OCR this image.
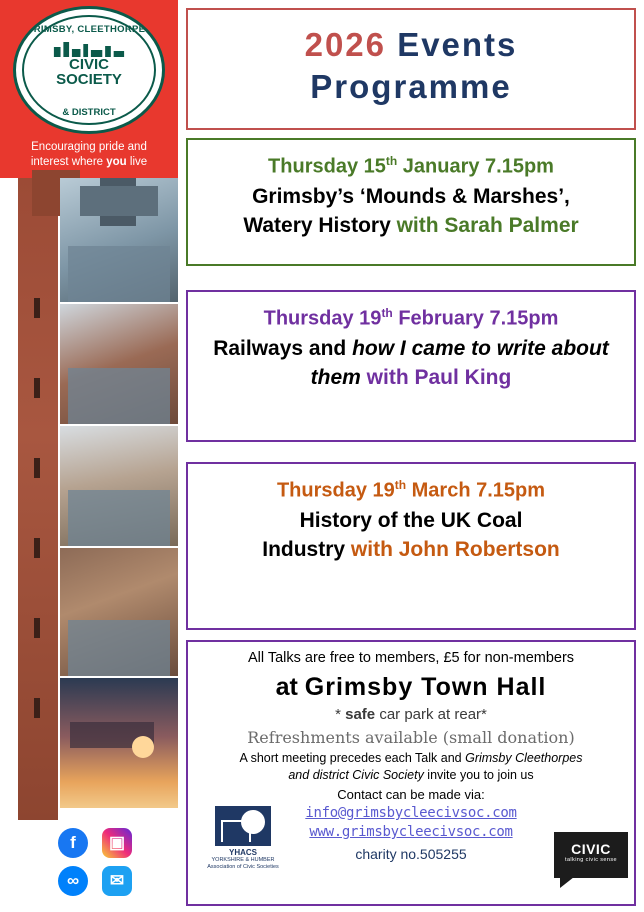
GRIMSBY, CLEETHORPES
CIVIC
SOCIETY
& DISTRICT
Encouraging pride and
interest where you live
f	▣
∞	✉
2026 Events
Programme
Thursday 15th January 7.15pm
Grimsby’s ‘Mounds & Marshes’,
Watery History with Sarah Palmer
Thursday 19th February 7.15pm
Railways and how I came to write about them with Paul King
Thursday 19th March 7.15pm
History of the UK Coal
Industry with John Robertson
All Talks are free to members, £5 for non-members
at Grimsby Town Hall
* safe car park at rear*
Refreshments available (small donation)
A short meeting precedes each Talk and Grimsby Cleethorpes
and district Civic Society invite you to join us
Contact can be made via:
info@grimsbycleecivsoc.com
www.grimsbycleecivsoc.com
charity no.505255
YHACS
YORKSHIRE & HUMBER
Association of Civic Societies
CIVIC
talking civic sense
